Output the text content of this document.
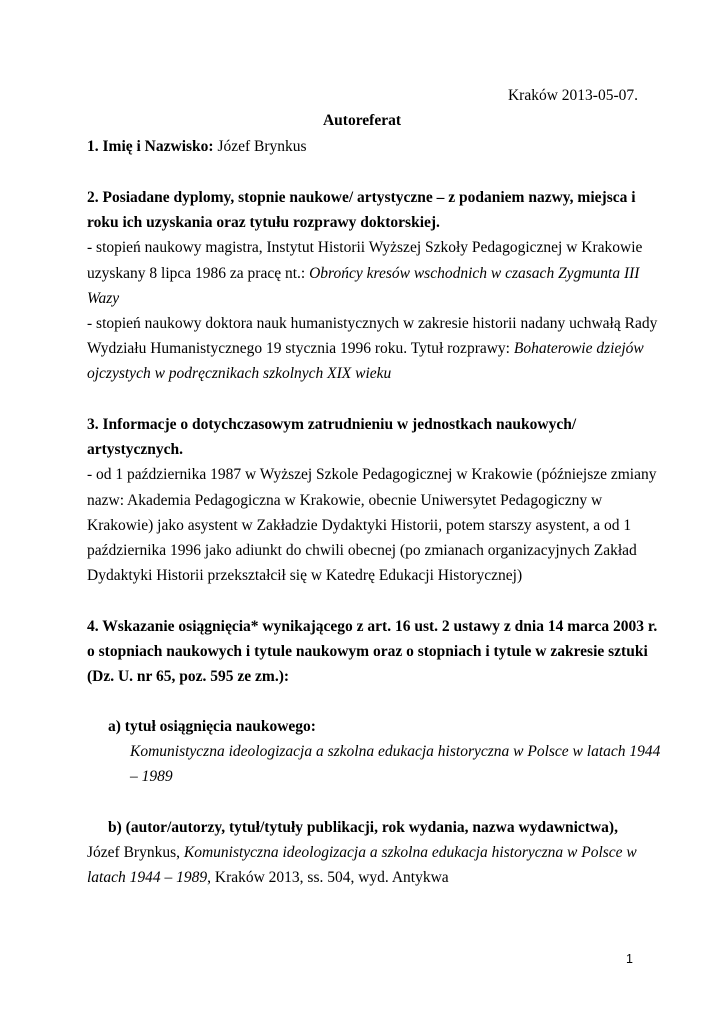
Kraków 2013-05-07.
Autoreferat
1. Imię i Nazwisko: Józef Brynkus
2. Posiadane dyplomy, stopnie naukowe/ artystyczne – z podaniem nazwy, miejsca i
roku ich uzyskania oraz tytułu rozprawy doktorskiej.
- stopień naukowy magistra, Instytut Historii Wyższej Szkoły Pedagogicznej w Krakowie
uzyskany 8 lipca 1986 za pracę nt.: Obrońcy kresów wschodnich w czasach Zygmunta III
Wazy
- stopień naukowy doktora nauk humanistycznych w zakresie historii nadany uchwałą Rady
Wydziału Humanistycznego 19 stycznia 1996 roku. Tytuł rozprawy: Bohaterowie dziejów
ojczystych w podręcznikach szkolnych XIX wieku
3. Informacje o dotychczasowym zatrudnieniu w jednostkach naukowych/
artystycznych.
- od 1 października 1987 w Wyższej Szkole Pedagogicznej w Krakowie (późniejsze zmiany
nazw: Akademia Pedagogiczna w Krakowie, obecnie Uniwersytet Pedagogiczny w
Krakowie) jako asystent w Zakładzie Dydaktyki Historii, potem starszy asystent, a od 1
października 1996 jako adiunkt do chwili obecnej (po zmianach organizacyjnych Zakład
Dydaktyki Historii przekształcił się w Katedrę Edukacji Historycznej)
4. Wskazanie osiągnięcia* wynikającego z art. 16 ust. 2 ustawy z dnia 14 marca 2003 r.
o stopniach naukowych i tytule naukowym oraz o stopniach i tytule w zakresie sztuki
(Dz. U. nr 65, poz. 595 ze zm.):
a) tytuł osiągnięcia naukowego:
Komunistyczna ideologizacja a szkolna edukacja historyczna w Polsce w latach 1944
– 1989
b) (autor/autorzy, tytuł/tytuły publikacji, rok wydania, nazwa wydawnictwa),
Józef Brynkus, Komunistyczna ideologizacja a szkolna edukacja historyczna w Polsce w
latach 1944 – 1989, Kraków 2013, ss. 504, wyd. Antykwa
1
